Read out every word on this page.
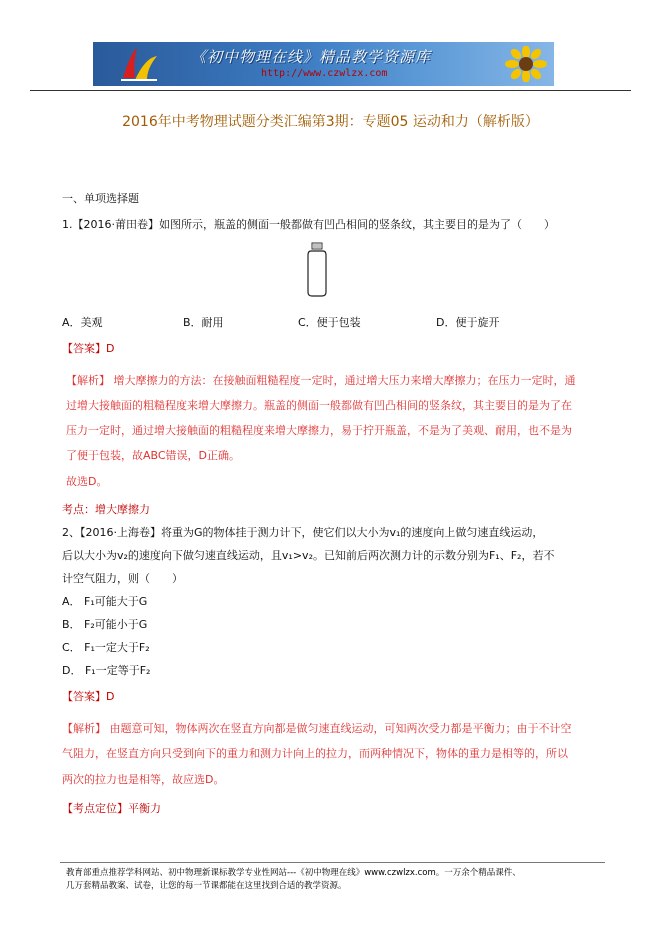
《初中物理在线》精品教学资源库
http://www.czwlzx.com
2016年中考物理试题分类汇编第3期：专题05 运动和力（解析版）
一、单项选择题
1.【2016·莆田卷】如图所示，瓶盖的侧面一般都做有凹凸相间的竖条纹，其主要目的是为了（　　）
A．美观	B．耐用	C．便于包装	D．便于旋开
【答案】D
【解析】 增大摩擦力的方法：在接触面粗糙程度一定时，通过增大压力来增大摩擦力；在压力一定时，通
过增大接触面的粗糙程度来增大摩擦力。瓶盖的侧面一般都做有凹凸相间的竖条纹，其主要目的是为了在
压力一定时，通过增大接触面的粗糙程度来增大摩擦力，易于拧开瓶盖，不是为了美观、耐用，也不是为
了便于包装，故ABC错误，D正确。
故选D。
考点：增大摩擦力
2、【2016·上海卷】将重为G的物体挂于测力计下，使它们以大小为v₁的速度向上做匀速直线运动，
后以大小为v₂的速度向下做匀速直线运动，且v₁>v₂。已知前后两次测力计的示数分别为F₁、F₂，若不
计空气阻力，则（　　）
A． F₁可能大于G
B． F₂可能小于G
C． F₁一定大于F₂
D． F₁一定等于F₂
【答案】D
【解析】 由题意可知，物体两次在竖直方向都是做匀速直线运动，可知两次受力都是平衡力；由于不计空
气阻力，在竖直方向只受到向下的重力和测力计向上的拉力，而两种情况下，物体的重力是相等的，所以
两次的拉力也是相等，故应选D。
【考点定位】平衡力
教育部重点推荐学科网站、初中物理新课标教学专业性网站---《初中物理在线》www.czwlzx.com。一万余个精品课件、
几万套精品教案、试卷，让您的每一节课都能在这里找到合适的教学资源。
